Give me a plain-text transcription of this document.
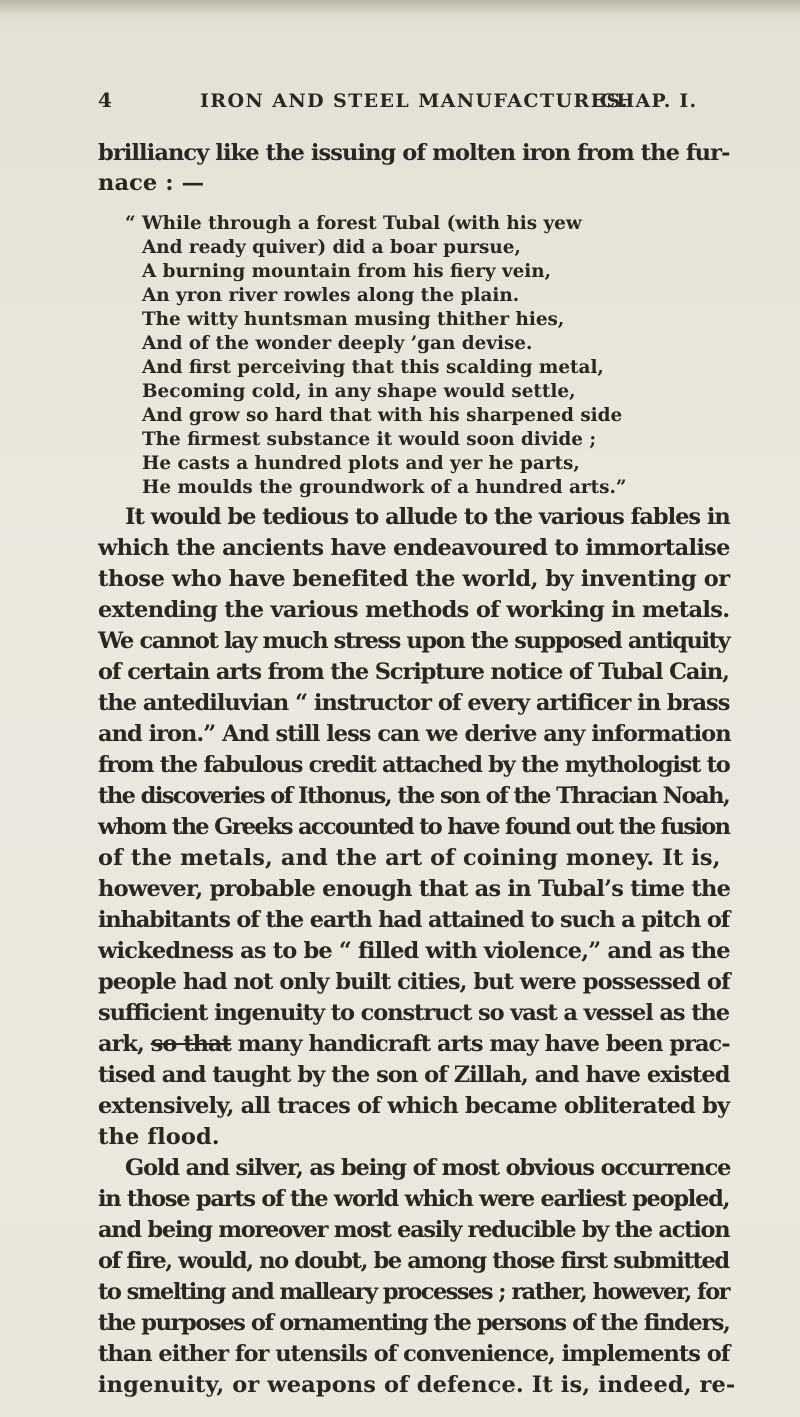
4	IRON AND STEEL MANUFACTURES.
CHAP. I.
brilliancy like the issuing of molten iron from the fur-
nace : —
“ While through a forest Tubal (with his yew
And ready quiver) did a boar pursue,
A burning mountain from his fiery vein,
An yron river rowles along the plain.
The witty huntsman musing thither hies,
And of the wonder deeply ’gan devise.
And first perceiving that this scalding metal,
Becoming cold, in any shape would settle,
And grow so hard that with his sharpened side
The firmest substance it would soon divide ;
He casts a hundred plots and yer he parts,
He moulds the groundwork of a hundred arts.”
It would be tedious to allude to the various fables in
which the ancients have endeavoured to immortalise
those who have benefited the world, by inventing or
extending the various methods of working in metals.
We cannot lay much stress upon the supposed antiquity
of certain arts from the Scripture notice of Tubal Cain,
the antediluvian “ instructor of every artificer in brass
and iron.” And still less can we derive any information
from the fabulous credit attached by the mythologist to
the discoveries of Ithonus, the son of the Thracian Noah,
whom the Greeks accounted to have found out the fusion
of the metals, and the art of coining money. It is,
however, probable enough that as in Tubal’s time the
inhabitants of the earth had attained to such a pitch of
wickedness as to be “ filled with violence,” and as the
people had not only built cities, but were possessed of
sufficient ingenuity to construct so vast a vessel as the
ark, so that many handicraft arts may have been prac-
tised and taught by the son of Zillah, and have existed
extensively, all traces of which became obliterated by
the flood.
Gold and silver, as being of most obvious occurrence
in those parts of the world which were earliest peopled,
and being moreover most easily reducible by the action
of fire, would, no doubt, be among those first submitted
to smelting and malleary processes ; rather, however, for
the purposes of ornamenting the persons of the finders,
than either for utensils of convenience, implements of
ingenuity, or weapons of defence. It is, indeed, re-
